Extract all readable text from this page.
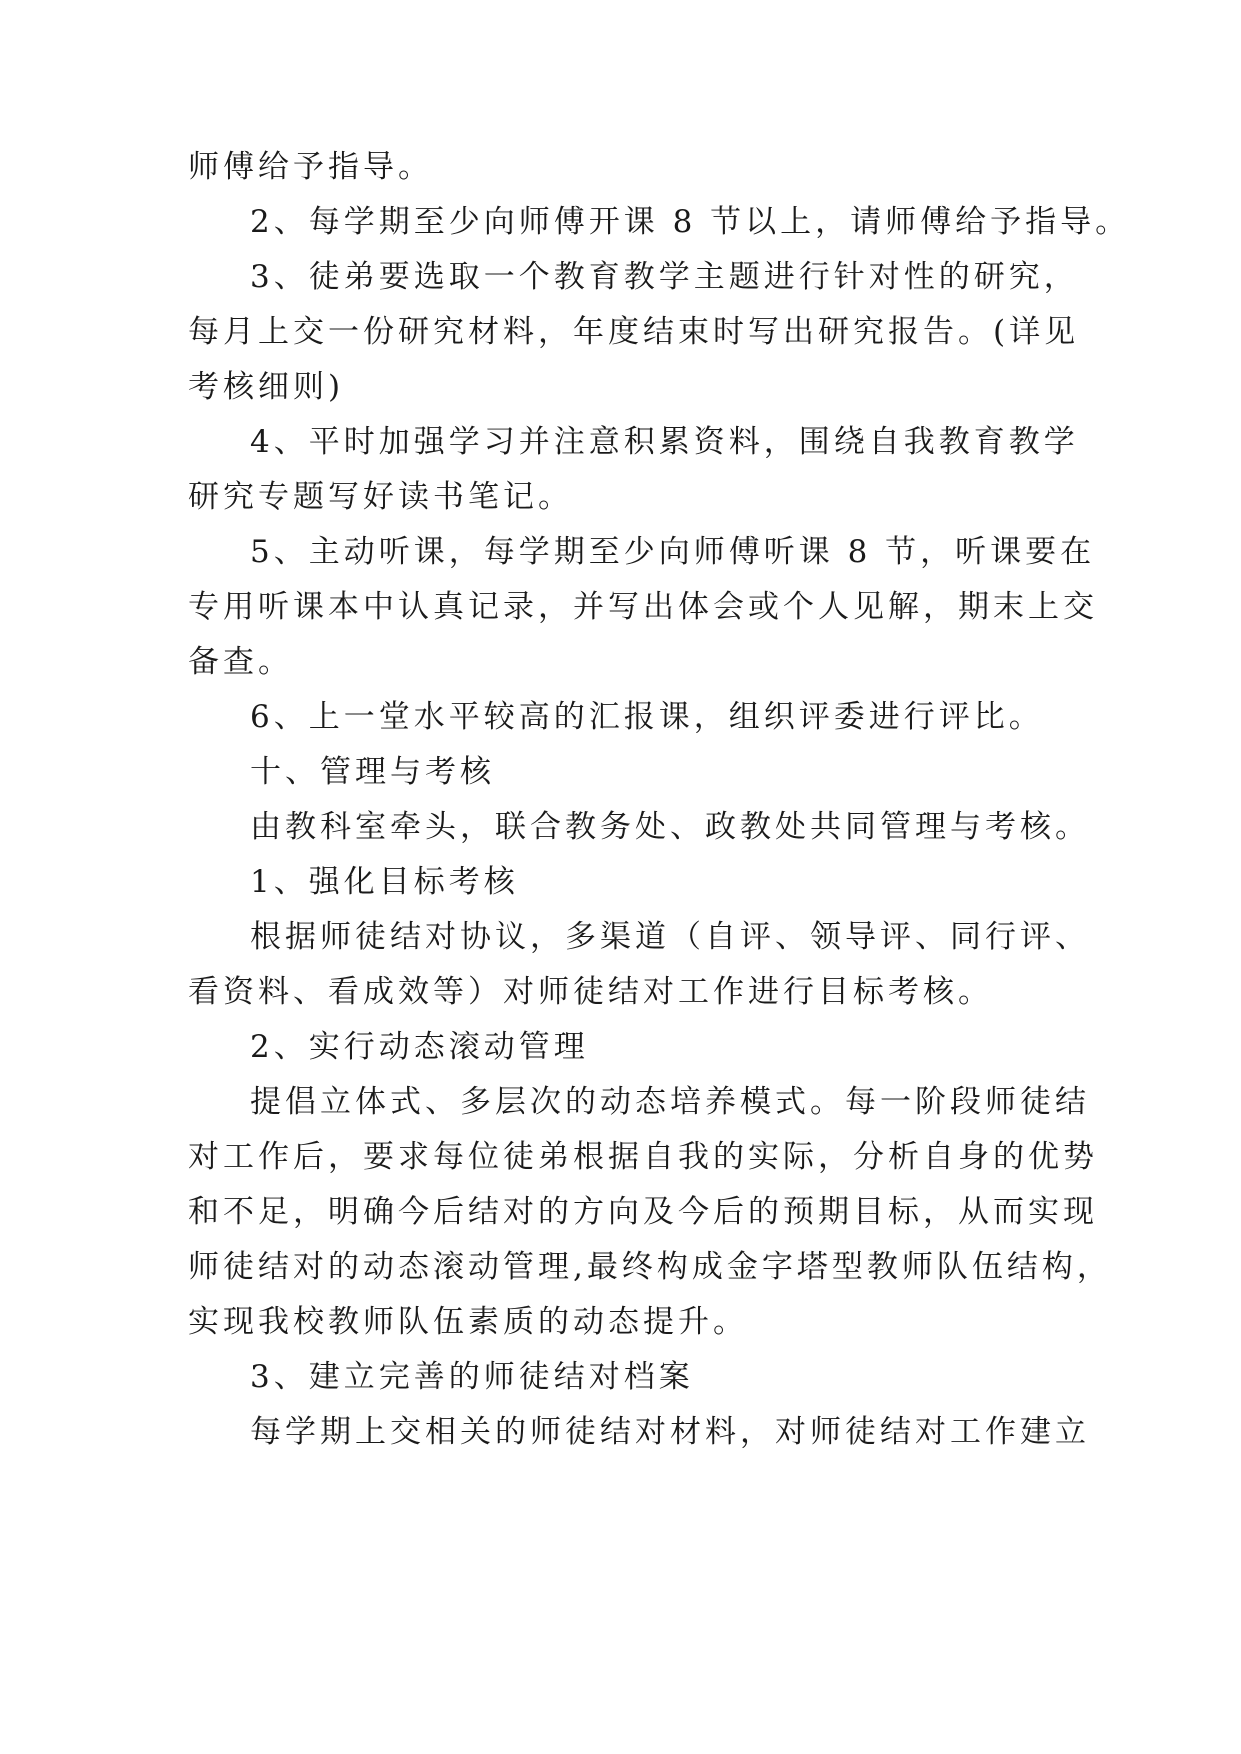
师傅给予指导。
2、每学期至少向师傅开课 8 节以上，请师傅给予指导。
3、徒弟要选取一个教育教学主题进行针对性的研究，
每月上交一份研究材料，年度结束时写出研究报告。(详见
考核细则)
4、平时加强学习并注意积累资料，围绕自我教育教学
研究专题写好读书笔记。
5、主动听课，每学期至少向师傅听课 8 节，听课要在
专用听课本中认真记录，并写出体会或个人见解，期末上交
备查。
6、上一堂水平较高的汇报课，组织评委进行评比。
十、管理与考核
由教科室牵头，联合教务处、政教处共同管理与考核。
1、强化目标考核
根据师徒结对协议，多渠道（自评、领导评、同行评、
看资料、看成效等）对师徒结对工作进行目标考核。
2、实行动态滚动管理
提倡立体式、多层次的动态培养模式。每一阶段师徒结
对工作后，要求每位徒弟根据自我的实际，分析自身的优势
和不足，明确今后结对的方向及今后的预期目标，从而实现
师徒结对的动态滚动管理,最终构成金字塔型教师队伍结构，
实现我校教师队伍素质的动态提升。
3、建立完善的师徒结对档案
每学期上交相关的师徒结对材料，对师徒结对工作建立
